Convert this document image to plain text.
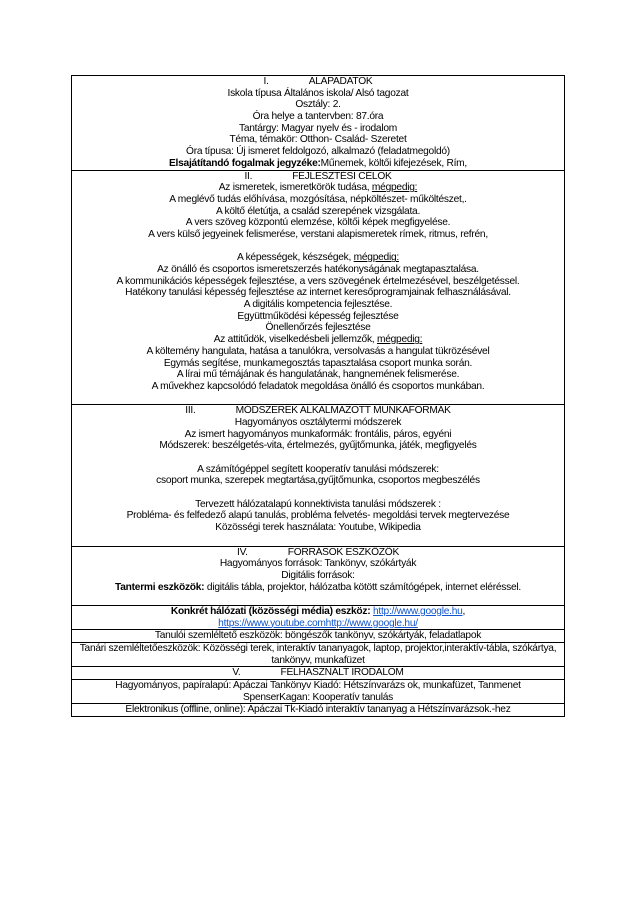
I.	ALAPADATOK
Iskola típusa Általános iskola/ Alsó tagozat
Osztály: 2.
Óra helye a tantervben: 87.óra
Tantárgy: Magyar nyelv és - irodalom
Téma, témakör: Otthon- Család- Szeretet
Óra típusa: Új ismeret feldolgozó, alkalmazó (feladatmegoldó)
Elsajátítandó fogalmak jegyzéke:Műnemek, költői kifejezések, Rím,
II.	FEJLESZTÉSI CÉLOK
Az ismeretek, ismeretkörök tudása, mégpedig:
A meglévő tudás előhívása, mozgósítása, népköltészet- műköltészet,.
A költő életútja, a család szerepének vizsgálata.
A vers szöveg központú elemzése, költői képek megfigyelése.
A vers külső jegyeinek felismerése, verstani alapismeretek rímek, ritmus, refrén,
A képességek, készségek, mégpedig:
Az önálló és csoportos ismeretszerzés hatékonyságának megtapasztalása.
A kommunikációs képességek fejlesztése, a vers szövegének értelmezésével, beszélgetéssel.
Hatékony tanulási képesség fejlesztése az internet keresőprogramjainak felhasználásával.
A digitális kompetencia fejlesztése.
Együttműködési képesség fejlesztése
Önellenőrzés fejlesztése
Az attitűdök, viselkedésbeli jellemzők, mégpedig:
A költemény hangulata, hatása a tanulókra, versolvasás a hangulat tükrözésével
Egymás segítése, munkamegosztás tapasztalása csoport munka során.
A lírai mű témájának és hangulatának, hangnemének felismerése.
A művekhez kapcsolódó feladatok megoldása önálló és csoportos munkában.
III.	MÓDSZEREK ALKALMAZOTT MUNKAFORMÁK
Hagyományos osztálytermi módszerek
Az ismert hagyományos munkaformák: frontális, páros, egyéni
Módszerek: beszélgetés-vita, értelmezés, gyűjtőmunka, játék, megfigyelés
A számítógéppel segített kooperatív tanulási módszerek:
csoport munka, szerepek megtartása,gyűjtőmunka, csoportos megbeszélés
Tervezett hálózatalapú konnektivista tanulási módszerek :
Probléma- és felfedező alapú tanulás, probléma felvetés- megoldási tervek megtervezése
Közösségi terek használata: Youtube, Wikipedia
IV.	FORRÁSOK ESZKÖZÖK
Hagyományos források: Tankönyv, szókártyák
Digitális források:
Tantermi eszközök: digitális tábla, projektor, hálózatba kötött számítógépek, internet eléréssel.
Konkrét hálózati (közösségi média) eszköz: http://www.google.hu,
https://www.youtube.comhttp://www.google.hu/
Tanulói szemléltető eszközök: böngészők tankönyv, szókártyák, feladatlapok
Tanári szemléltetőeszközök: Közösségi terek, interaktív tananyagok, laptop, projektor,interaktív-tábla, szókártya,
tankönyv, munkafüzet
V.	FELHASZNÁLT IRODALOM
Hagyományos, papíralapú: Apáczai Tankönyv Kiadó: Hétszínvarázs ok, munkafüzet, Tanmenet
SpenserKagan: Kooperatív tanulás
Elektronikus (offline, online): Apáczai Tk-Kiadó interaktív tananyag a Hétszínvarázsok.-hez
